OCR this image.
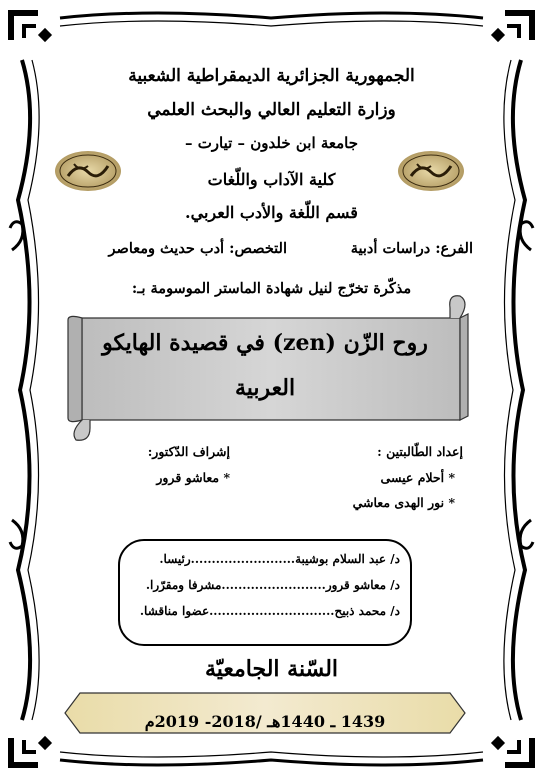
الجمهورية الجزائرية الديمقراطية الشعبية
وزارة التعليم العالي والبحث العلمي
جامعة ابن خلدون – تيارت –
كلية الآداب واللّغات
قسم اللّغة والأدب العربي.
الفرع: دراسات أدبية
التخصص: أدب حديث ومعاصر
مذكّرة تخرّج لنيل شهادة الماستر الموسومة بـ:
روح الزّن (zen) في قصيدة الهايكو
العربية
إعداد الطّالبتين :
* أحلام عيسى
* نور الهدى معاشي
إشراف الدّكتور:
* معاشو قرور
د/ عبد السلام بوشيبة.........................رئيسا.
د/ معاشو قرور.........................مشرفا ومقرّرا.
د/ محمد ذبيح..............................عضوا مناقشا.
السّنة الجامعيّة
1439 ـ 1440هـ /2018- 2019م
